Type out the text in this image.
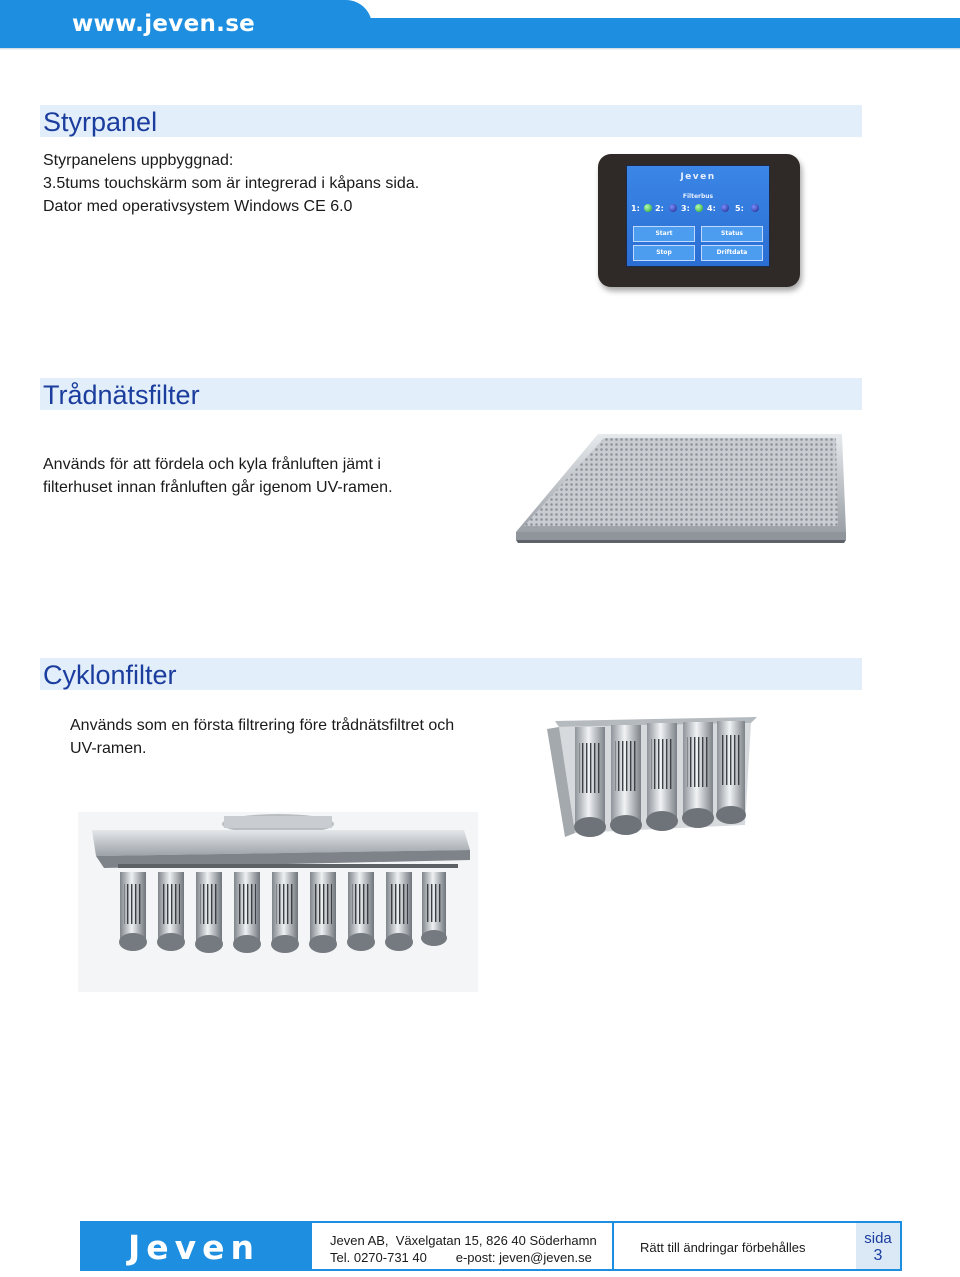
www.jeven.se
Styrpanel

Styrpanelens uppbyggnad:

3.5tums touchskärm som är integrerad i kåpans sida.

Dator med operativsystem Windows CE 6.0

Jeven
Filterbus
1: 2: 3: 4: 5:
Start	Status
Stop	Driftdata
Trådnätsfilter

Används för att fördela och kyla frånluften jämt i

filterhuset innan frånluften går igenom UV-ramen.

Cyklonfilter

Används som en första filtrering före trådnätsfiltret och

UV-ramen.

Jeven	Jeven AB,  Växelgatan 15, 826 40 Söderhamn
Tel. 0270-731 40        e-post: jeven@jeven.se
Rätt till ändringar förbehålles
sida
3
